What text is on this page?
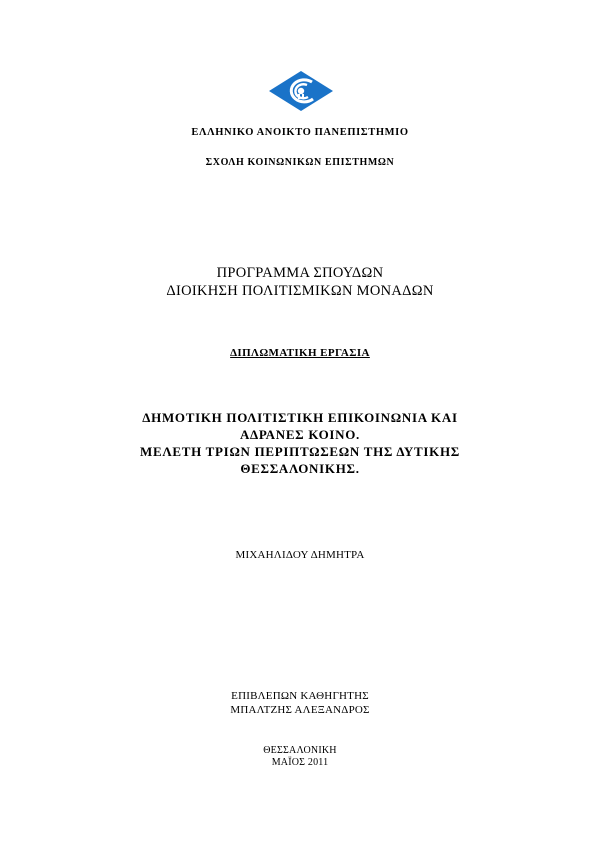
ΕΛΛΗΝΙΚΟ ΑΝΟΙΚΤΟ ΠΑΝΕΠΙΣΤΗΜΙΟ
ΣΧΟΛΗ ΚΟΙΝΩΝΙΚΩΝ ΕΠΙΣΤΗΜΩΝ
ΠΡΟΓΡΑΜΜΑ ΣΠΟΥΔΩΝ
ΔΙΟΙΚΗΣΗ ΠΟΛΙΤΙΣΜΙΚΩΝ ΜΟΝΑΔΩΝ
ΔΙΠΛΩΜΑΤΙΚΗ ΕΡΓΑΣΙΑ
ΔΗΜΟΤΙΚΗ ΠΟΛΙΤΙΣΤΙΚΗ ΕΠΙΚΟΙΝΩΝΙΑ ΚΑΙ
ΑΔΡΑΝΕΣ ΚΟΙΝΟ.
ΜΕΛΕΤΗ ΤΡΙΩΝ ΠΕΡΙΠΤΩΣΕΩΝ ΤΗΣ ΔΥΤΙΚΗΣ
ΘΕΣΣΑΛΟΝΙΚΗΣ.
ΜΙΧΑΗΛΙΔΟΥ ΔΗΜΗΤΡΑ
ΕΠΙΒΛΕΠΩΝ ΚΑΘΗΓΗΤΗΣ
ΜΠΑΛΤΖΗΣ ΑΛΕΞΑΝΔΡΟΣ
ΘΕΣΣΑΛΟΝΙΚΗ
ΜΑΪΟΣ 2011
